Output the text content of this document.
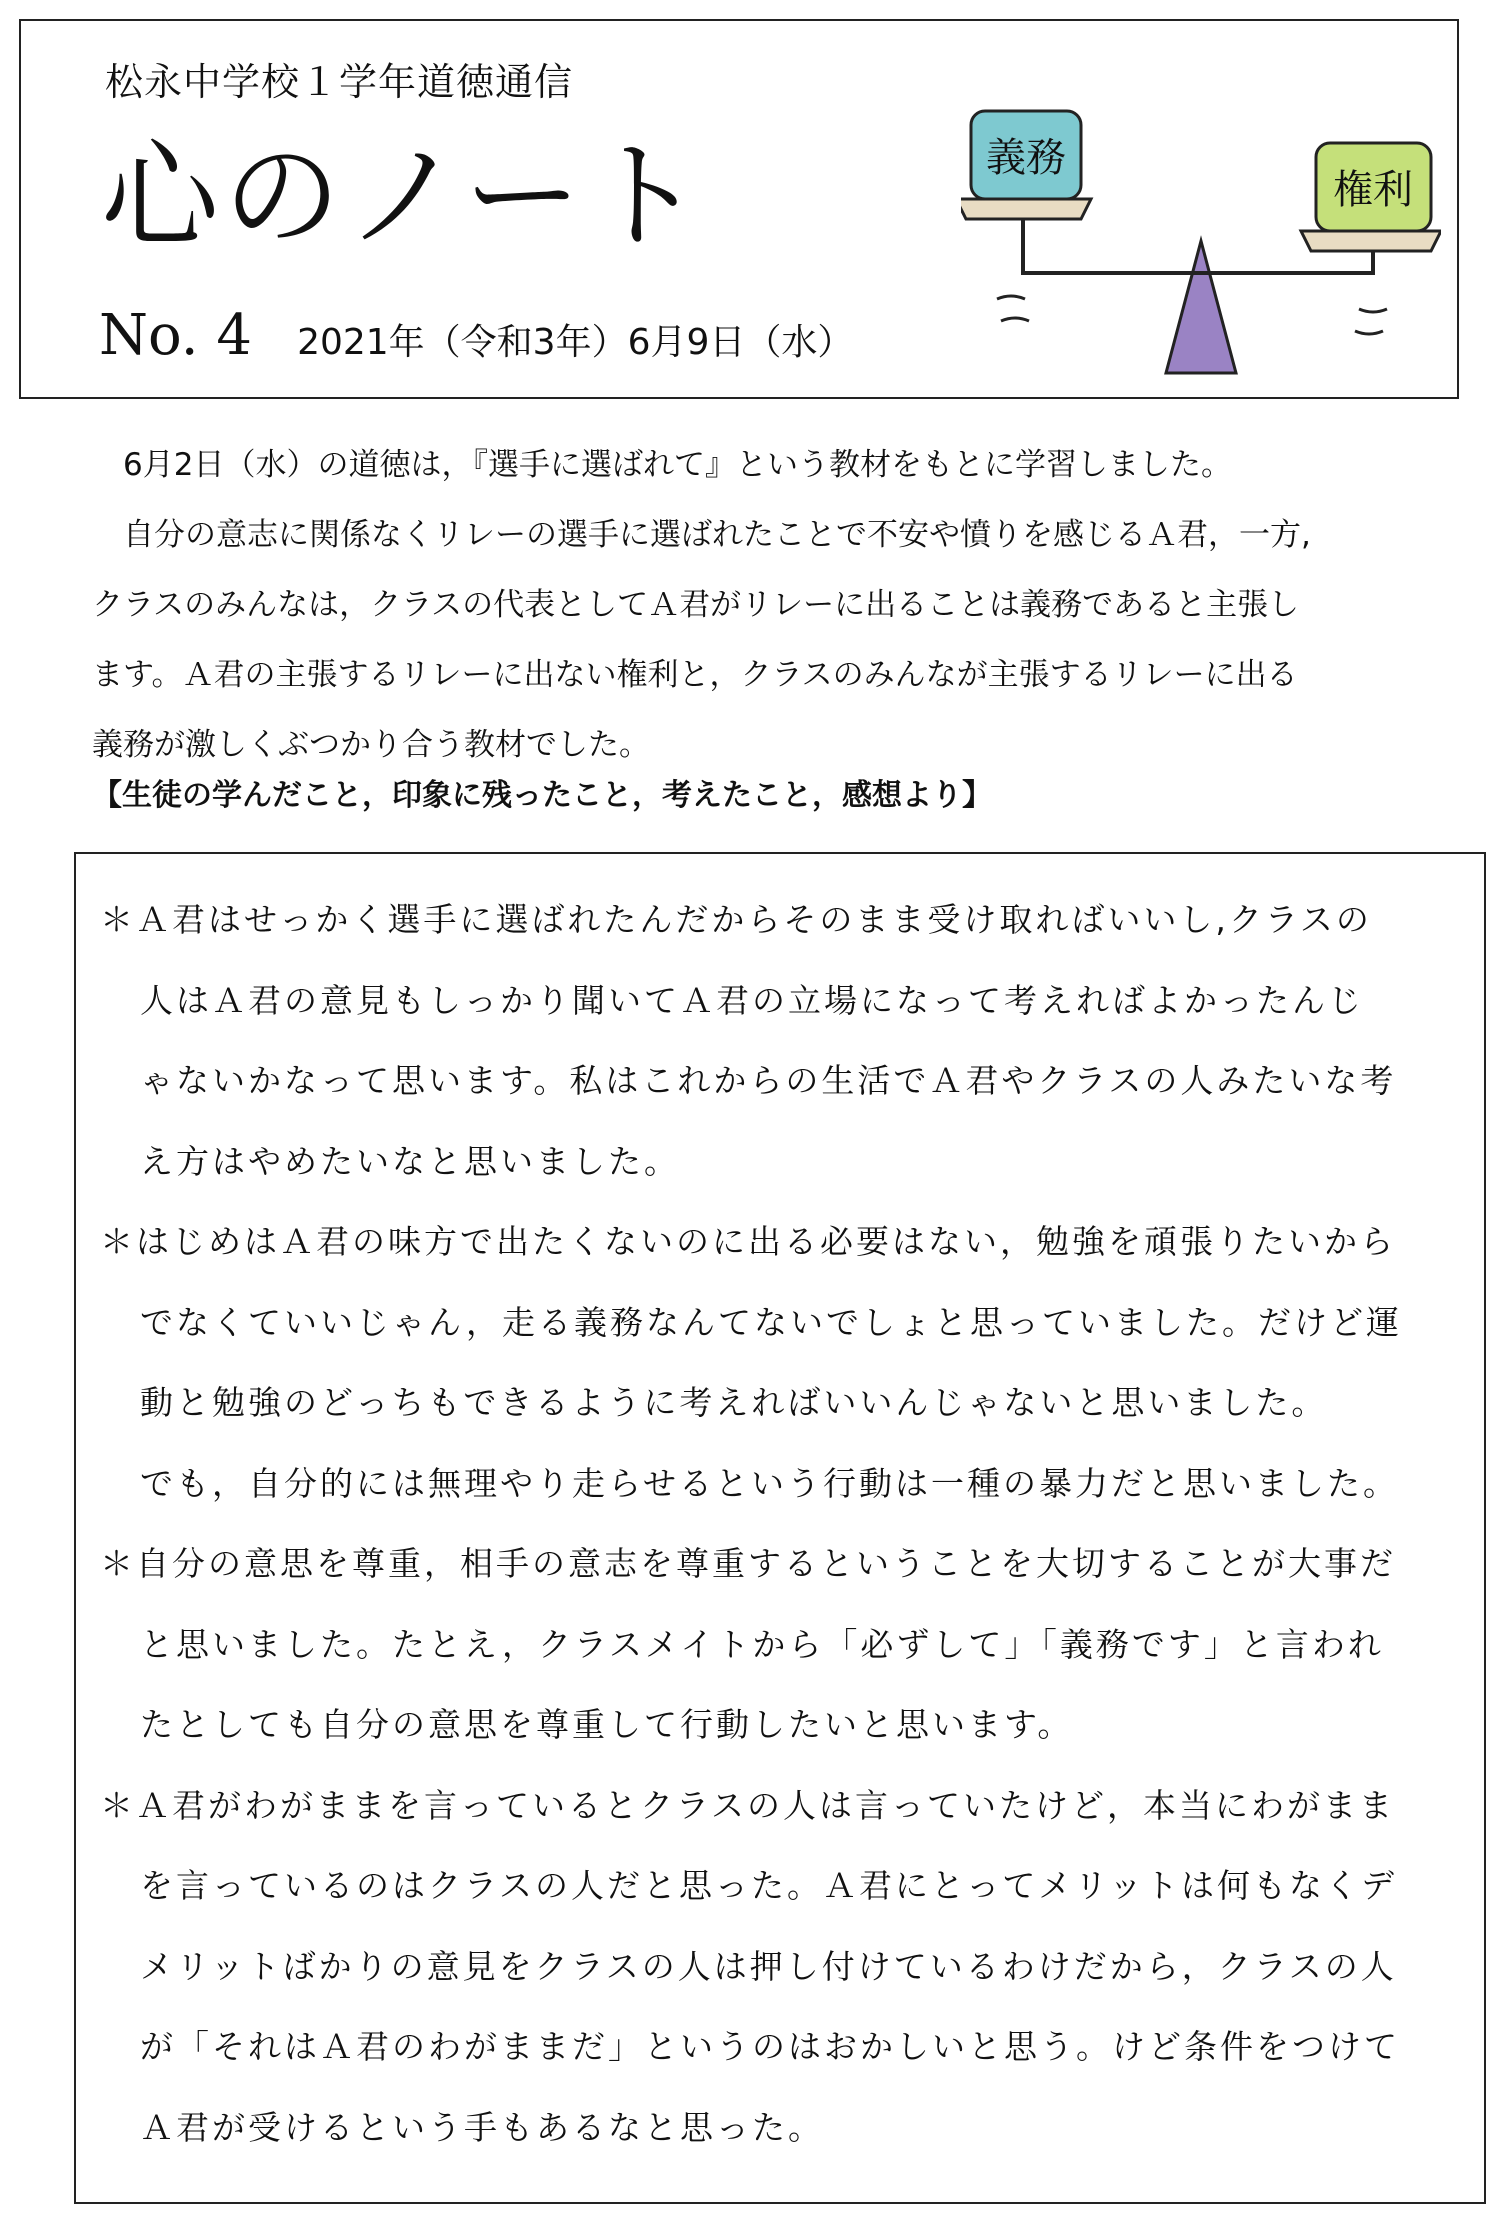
松永中学校１学年道徳通信
心のノート
No. 4 2021年（令和3年）6月9日（水）
義務
権利

6月2日（水）の道徳は，『選手に選ばれて』という教材をもとに学習しました。

自分の意志に関係なくリレーの選手に選ばれたことで不安や憤りを感じるＡ君，一方,

クラスのみんなは，クラスの代表としてＡ君がリレーに出ることは義務であると主張し

ます。Ａ君の主張するリレーに出ない権利と，クラスのみんなが主張するリレーに出る

義務が激しくぶつかり合う教材でした。

【生徒の学んだこと，印象に残ったこと，考えたこと，感想より】
＊Ａ君はせっかく選手に選ばれたんだからそのまま受け取ればいいし,クラスの
人はＡ君の意見もしっかり聞いてＡ君の立場になって考えればよかったんじ
ゃないかなって思います。私はこれからの生活でＡ君やクラスの人みたいな考
え方はやめたいなと思いました。
＊はじめはＡ君の味方で出たくないのに出る必要はない，勉強を頑張りたいから
でなくていいじゃん，走る義務なんてないでしょと思っていました。だけど運
動と勉強のどっちもできるように考えればいいんじゃないと思いました。
でも，自分的には無理やり走らせるという行動は一種の暴力だと思いました。
＊自分の意思を尊重，相手の意志を尊重するということを大切することが大事だ
と思いました。たとえ，クラスメイトから「必ずして」「義務です」と言われ
たとしても自分の意思を尊重して行動したいと思います。
＊Ａ君がわがままを言っているとクラスの人は言っていたけど，本当にわがまま
を言っているのはクラスの人だと思った。Ａ君にとってメリットは何もなくデ
メリットばかりの意見をクラスの人は押し付けているわけだから，クラスの人
が「それはＡ君のわがままだ」というのはおかしいと思う。けど条件をつけて
Ａ君が受けるという手もあるなと思った。
